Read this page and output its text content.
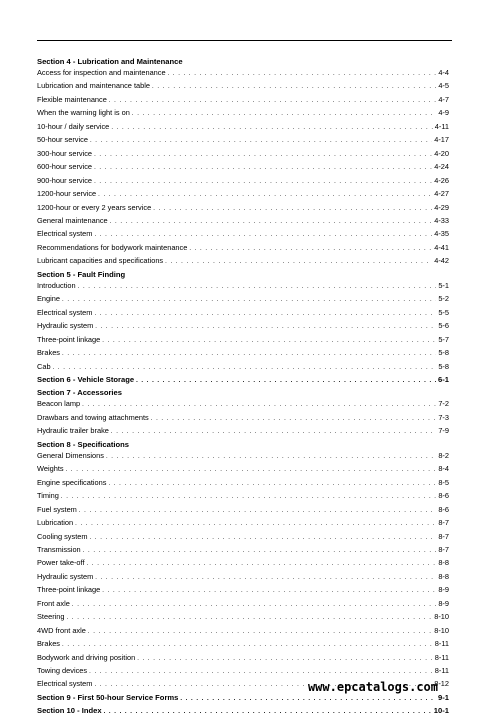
Section 4 - Lubrication and Maintenance
Access for inspection and maintenance . . .	4-4
Lubrication and maintenance table . . .	4-5
Flexible maintenance . . .	4-7
When the warning light is on . . .	4-9
10-hour / daily service . . .	4-11
50-hour service . . .	4-17
300-hour service . . .	4-20
600-hour service . . .	4-24
900-hour service . . .	4-26
1200-hour service . . .	4-27
1200-hour or every 2 years service . . .	4-29
General maintenance . . .	4-33
Electrical system . . .	4-35
Recommendations for bodywork maintenance . . .	4-41
Lubricant capacities and specifications . . .	4-42
Section 5 - Fault Finding
Introduction . . .	5-1
Engine . . .	5-2
Electrical system . . .	5-5
Hydraulic system . . .	5-6
Three-point linkage . . .	5-7
Brakes . . .	5-8
Cab . . .	5-8
Section 6 - Vehicle Storage . . .	6-1
Section 7 - Accessories
Beacon lamp . . .	7-2
Drawbars and towing attachments . . .	7-3
Hydraulic trailer brake . . .	7-9
Section 8 - Specifications
General Dimensions . . .	8-2
Weights . . .	8-4
Engine specifications . . .	8-5
Timing . . .	8-6
Fuel system . . .	8-6
Lubrication . . .	8-7
Cooling system . . .	8-7
Transmission . . .	8-7
Power take-off . . .	8-8
Hydraulic system . . .	8-8
Three-point linkage . . .	8-9
Front axle . . .	8-9
Steering . . .	8-10
4WD front axle . . .	8-10
Brakes . . .	8-11
Bodywork and driving position . . .	8-11
Towing devices . . .	8-11
Electrical system . . .	8-12
Section 9 - First 50-hour Service Forms . . .	9-1
Section 10 - Index . . .	10-1
www.epcatalogs.com
